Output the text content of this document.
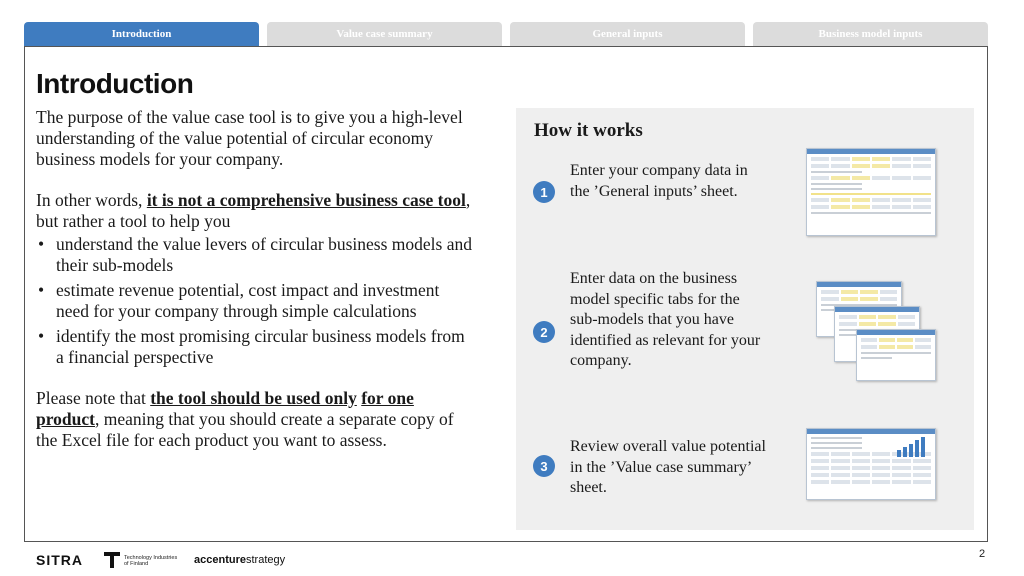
Introduction	Value case summary	General inputs	Business model inputs
Introduction

The purpose of the value case tool is to give you a high-level understanding of the value potential of circular economy business models for your company.

In other words, it is not a comprehensive business case tool, but rather a tool to help you

• understand the value levers of circular business models and their sub-models
• estimate revenue potential, cost impact and investment need for your company through simple calculations
• identify the most promising circular business models from a financial perspective

Please note that the tool should be used only for one product, meaning that you should create a separate copy of the Excel file for each product you want to assess.

How it works
1
Enter your company data in the ’General inputs’ sheet.
2
Enter data on the business model specific tabs for the sub-models that you have identified as relevant for your company.
3
Review overall value potential in the ’Value case summary’ sheet.
SITRA	Technology Industries
of Finland	accenturestrategy	2
